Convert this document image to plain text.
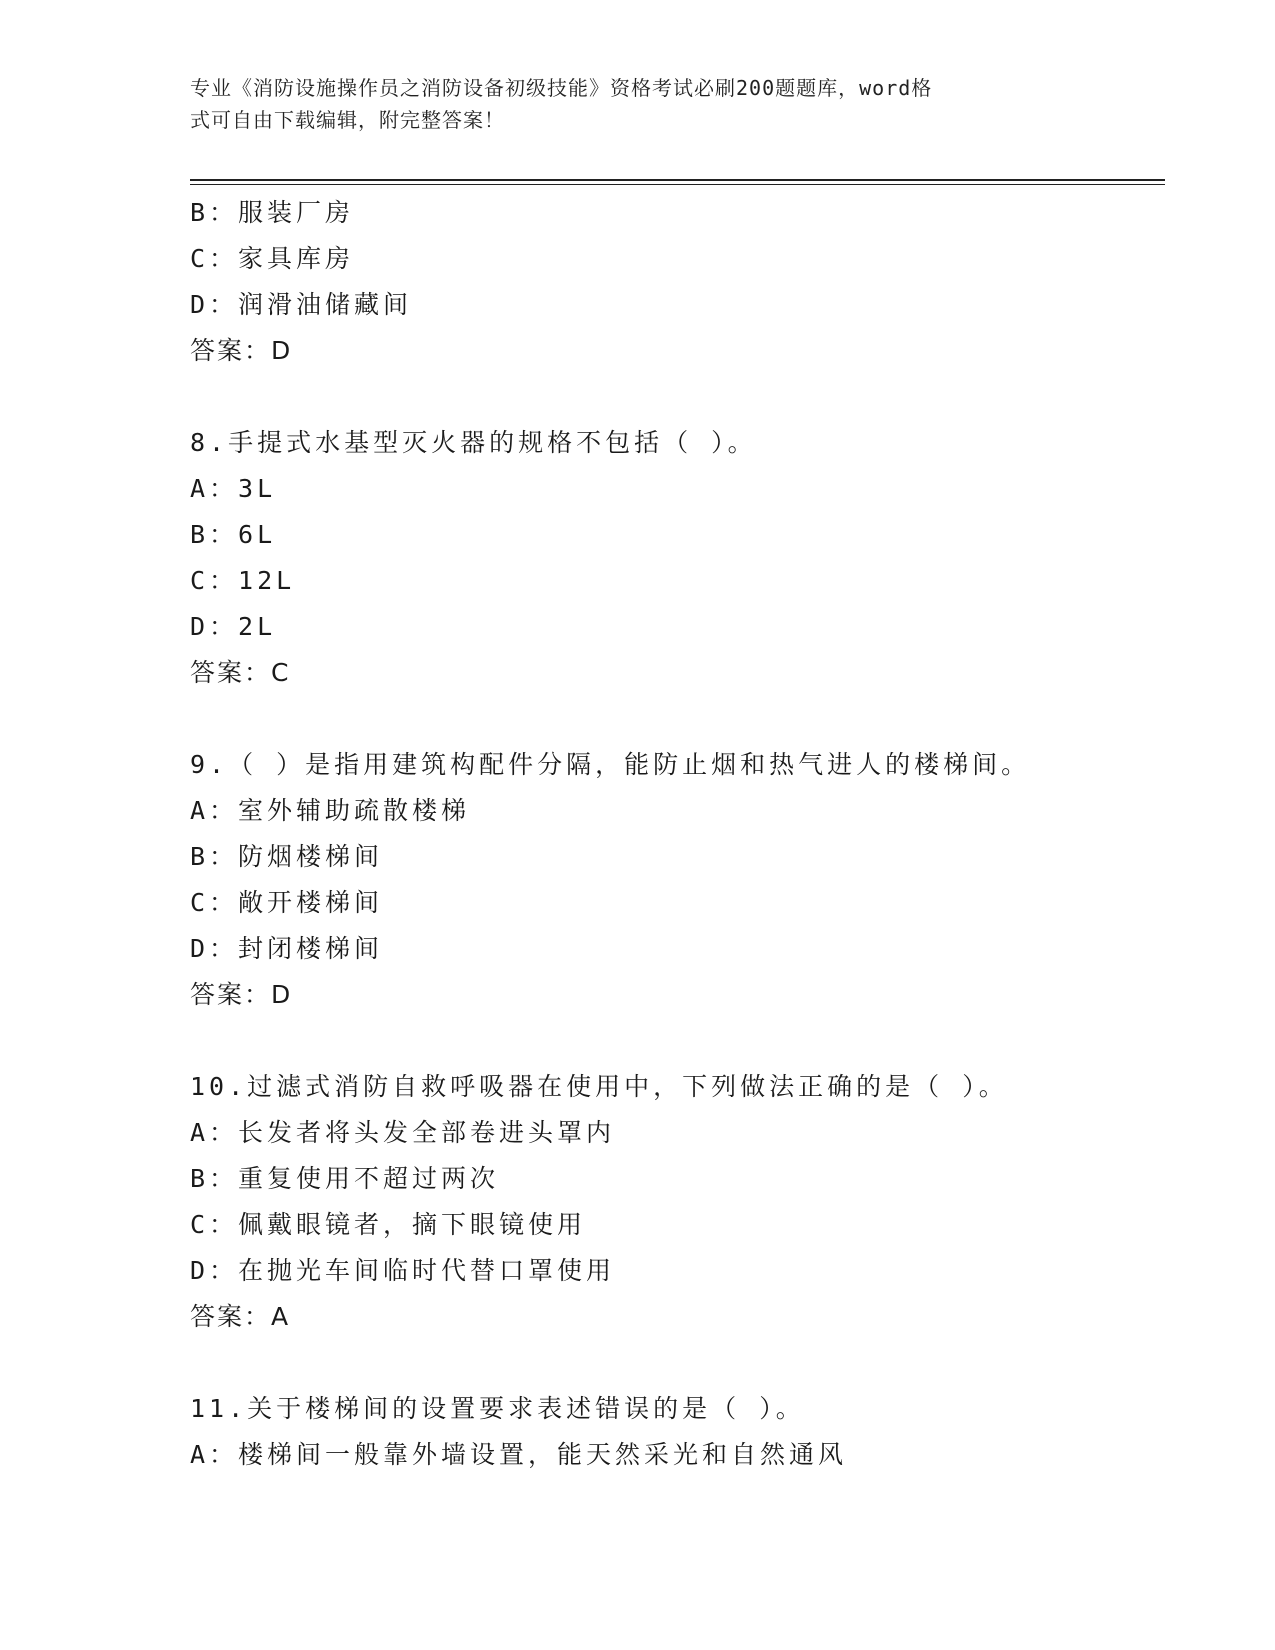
专业《消防设施操作员之消防设备初级技能》资格考试必刷200题题库，word格
式可自由下载编辑，附完整答案！
B：服装厂房
C：家具库房
D：润滑油储藏间
答案：D
8.手提式水基型灭火器的规格不包括（ ）。
A：3L
B：6L
C：12L
D：2L
答案：C
9.（ ）是指用建筑构配件分隔，能防止烟和热气进人的楼梯间。
A：室外辅助疏散楼梯
B：防烟楼梯间
C：敞开楼梯间
D：封闭楼梯间
答案：D
10.过滤式消防自救呼吸器在使用中，下列做法正确的是（ ）。
A：长发者将头发全部卷进头罩内
B：重复使用不超过两次
C：佩戴眼镜者，摘下眼镜使用
D：在抛光车间临时代替口罩使用
答案：A
11.关于楼梯间的设置要求表述错误的是（ ）。
A：楼梯间一般靠外墙设置，能天然采光和自然通风
